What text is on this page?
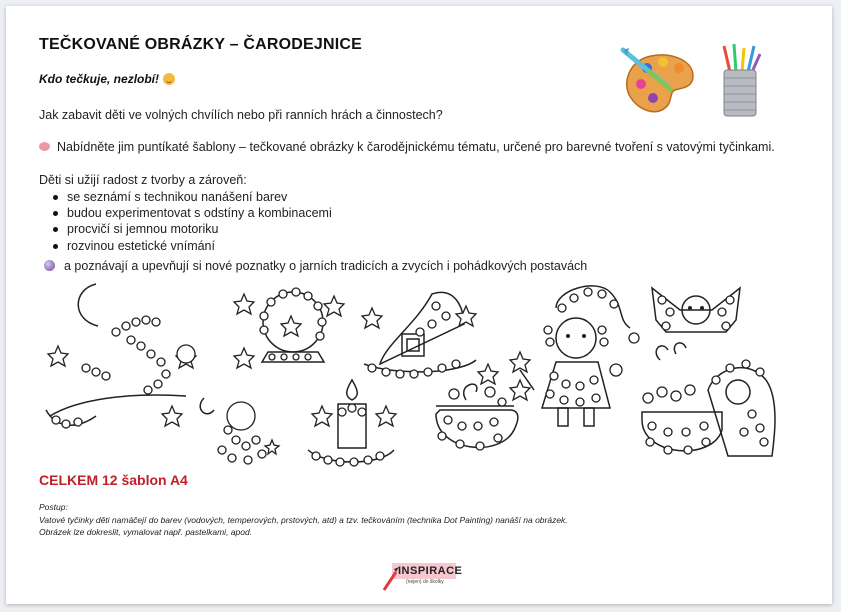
TEČKOVANÉ OBRÁZKY – ČARODEJNICE
Kdo tečkuje, nezlobí!
Jak zabavit děti ve volných chvílích nebo při ranních hrách a činnostech?
Nabídněte jim puntíkaté šablony – tečkované obrázky k čarodějnickému tématu, určené pro barevné tvoření s vatovými tyčinkami.
Děti si užijí radost z tvorby a zároveň:
se seznámí s technikou nanášení barev
budou experimentovat s odstíny a kombinacemi
procvičí si jemnou motoriku
rozvinou estetické vnímání
a poznávají a upevňují si nové poznatky o jarních tradicích a zvycích i pohádkových postavách
CELKEM 12 šablon A4
Postup:
Vatové tyčinky děti namáčejí do barev (vodových, temperových, prstových, atd) a tzv. tečkováním (technika Dot Painting) nanáší na obrázek.
Obrázek lze dokreslit, vymalovat např. pastelkami, apod.
INSPIRACE
(nejen) do školky
